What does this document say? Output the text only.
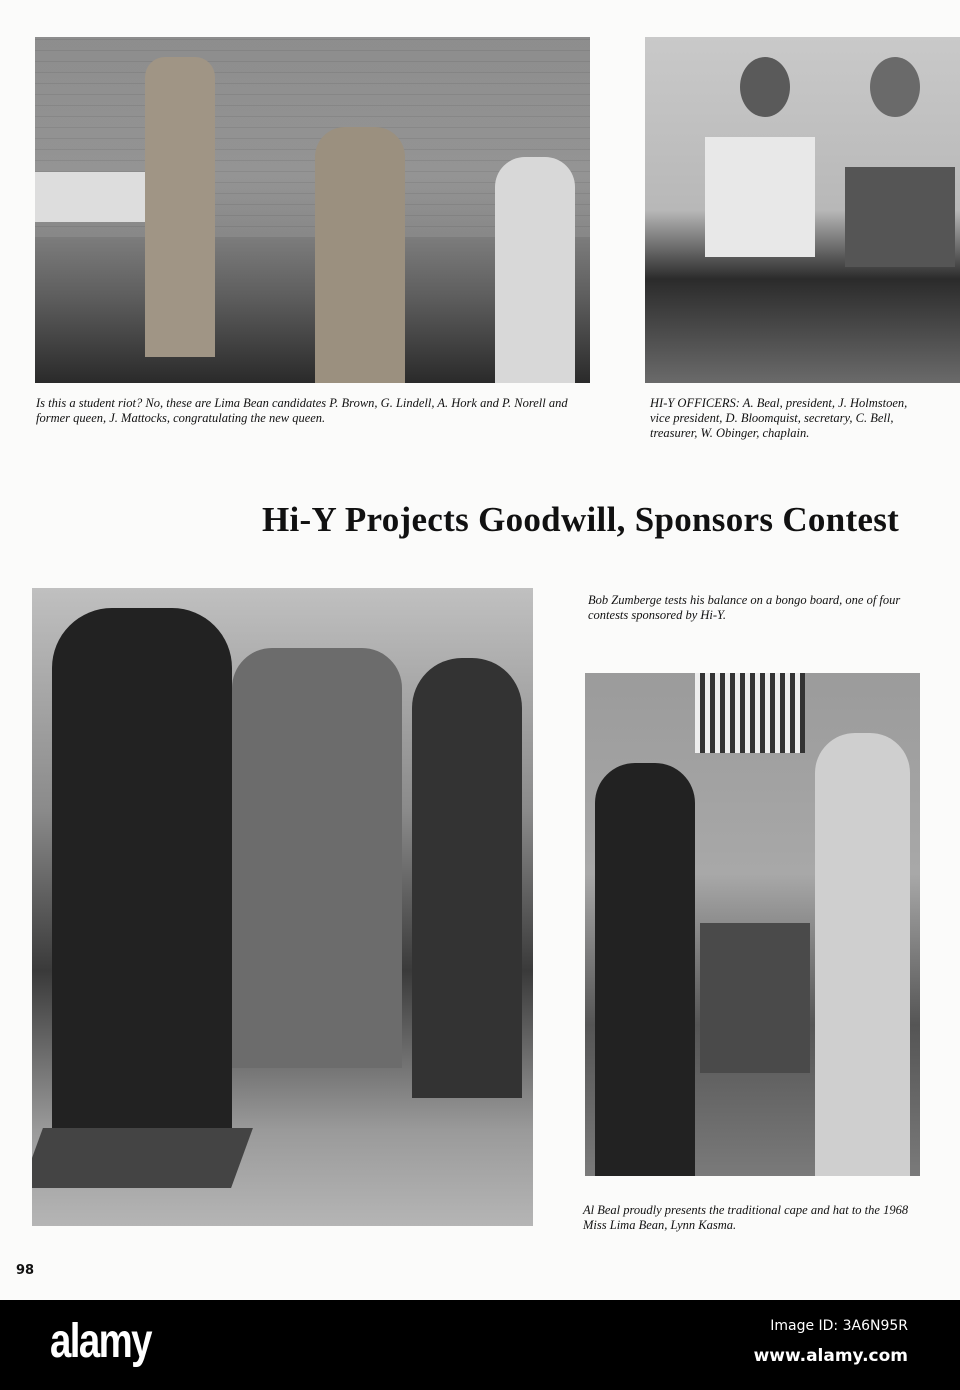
Is this a student riot? No, these are Lima Bean candidates P. Brown, G. Lindell, A. Hork and P. Norell and former queen, J. Mattocks, congratulating the new queen.
HI-Y OFFICERS: A. Beal, president, J. Holmstoen, vice president, D. Bloomquist, secretary, C. Bell, treasurer, W. Obinger, chaplain.
Hi-Y Projects Goodwill, Sponsors Contest
Bob Zumberge tests his balance on a bongo board, one of four contests sponsored by Hi-Y.
Al Beal proudly presents the traditional cape and hat to the 1968 Miss Lima Bean, Lynn Kasma.
98
alamy	Image ID: 3A6N95R
www.alamy.com
